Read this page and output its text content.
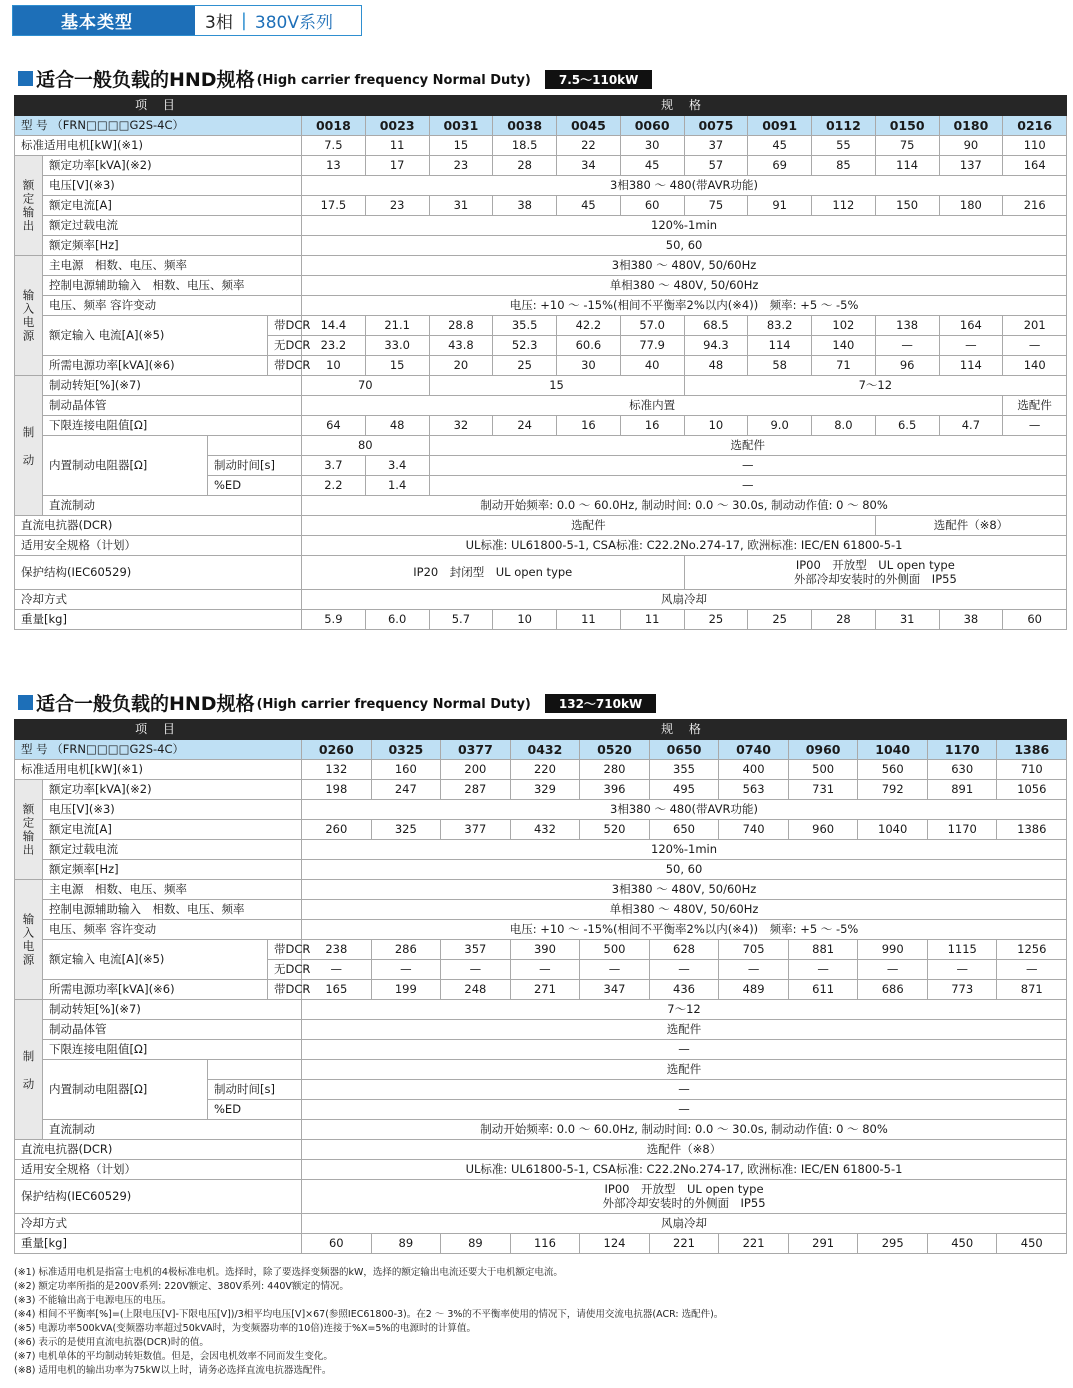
基本类型	3相 | 380V系列
适合一般负载的HND规格 (High carrier frequency Normal Duty)	7.5～110kW
项 目				规 格											
型 号 （FRN□□□□G2S-4C）				0018	0023	0031	0038	0045	0060	0075	0091	0112	0150	0180	0216
标准适用电机[kW](※1)				7.5	11	15	18.5	22	30	37	45	55	75	90	110
额定输出	额定功率[kVA](※2)			13	17	23	28	34	45	57	69	85	114	137	164
	电压[V](※3)			3相380 ～ 480(带AVR功能)											
	额定电流[A]			17.5	23	31	38	45	60	75	91	112	150	180	216
	额定过载电流			120%-1min											
	额定频率[Hz]			50, 60											
输入电源	主电源　相数、电压、频率			3相380 ～ 480V, 50/60Hz											
	控制电源辅助输入　相数、电压、频率			单相380 ～ 480V, 50/60Hz											
	电压、频率 容许变动			电压: +10 ～ -15%(相间不平衡率2%以内(※4))　频率: +5 ～ -5%											
	额定输入 电流[A](※5)		带DCR	14.4	21.1	28.8	35.5	42.2	57.0	68.5	83.2	102	138	164	201
			无DCR	23.2	33.0	43.8	52.3	60.6	77.9	94.3	114	140	—	—	—
	所需电源功率[kVA](※6)		带DCR	10	15	20	25	30	40	48	58	71	96	114	140

制
动	制动转矩[%](※7)			70		15				7～12					
	制动晶体管			标准内置											选配件
	下限连接电阻值[Ω]			64	48	32	24	16	16	10	9.0	8.0	6.5	4.7	—
	内置制动电阻器[Ω]			80		选配件									
		制动时间[s]		3.7	3.4	—									
		%ED		2.2	1.4	—									
	直流制动			制动开始频率: 0.0 ～ 60.0Hz, 制动时间: 0.0 ～ 30.0s, 制动动作值: 0 ～ 80%											
直流电抗器(DCR)				选配件									选配件（※8）		
适用安全规格（计划）				UL标准: UL61800-5-1, CSA标准: C22.2No.274-17, 欧洲标准: IEC/EN 61800-5-1											
保护结构(IEC60529)				IP20　封闭型　UL open type						IP00　开放型　UL open type
外部冷却安装时的外侧面　IP55					

冷却方式				风扇冷却											
重量[kg]				5.9	6.0	5.7	10	11	11	25	25	28	31	38	60
适合一般负载的HND规格 (High carrier frequency Normal Duty)	132～710kW
项 目				规 格										
型 号 （FRN□□□□G2S-4C）				0260	0325	0377	0432	0520	0650	0740	0960	1040	1170	1386
标准适用电机[kW](※1)				132	160	200	220	280	355	400	500	560	630	710
额定输出	额定功率[kVA](※2)			198	247	287	329	396	495	563	731	792	891	1056
	电压[V](※3)			3相380 ～ 480(带AVR功能)										
	额定电流[A]			260	325	377	432	520	650	740	960	1040	1170	1386
	额定过载电流			120%-1min										
	额定频率[Hz]			50, 60										
输入电源	主电源　相数、电压、频率			3相380 ～ 480V, 50/60Hz										
	控制电源辅助输入　相数、电压、频率			单相380 ～ 480V, 50/60Hz										
	电压、频率 容许变动			电压: +10 ～ -15%(相间不平衡率2%以内(※4))　频率: +5 ～ -5%										
	额定输入 电流[A](※5)		带DCR	238	286	357	390	500	628	705	881	990	1115	1256
			无DCR	—	—	—	—	—	—	—	—	—	—	—
	所需电源功率[kVA](※6)		带DCR	165	199	248	271	347	436	489	611	686	773	871

制
动	制动转矩[%](※7)			7～12										
	制动晶体管			选配件										
	下限连接电阻值[Ω]			—										
	内置制动电阻器[Ω]			选配件										
		制动时间[s]		—										
		%ED		—										
	直流制动			制动开始频率: 0.0 ～ 60.0Hz, 制动时间: 0.0 ～ 30.0s, 制动动作值: 0 ～ 80%										
直流电抗器(DCR)				选配件（※8）										
适用安全规格（计划）				UL标准: UL61800-5-1, CSA标准: C22.2No.274-17, 欧洲标准: IEC/EN 61800-5-1										
保护结构(IEC60529)				IP00　开放型　UL open type
外部冷却安装时的外侧面　IP55										

冷却方式				风扇冷却										
重量[kg]				60	89	89	116	124	221	221	291	295	450	450
(※1) 标准适用电机是指富士电机的4极标准电机。选择时，除了要选择变频器的kW，选择的额定输出电流还要大于电机额定电流。
(※2) 额定功率所指的是200V系列: 220V额定、380V系列: 440V额定的情况。
(※3) 不能输出高于电源电压的电压。
(※4) 相间不平衡率[%]=(上限电压[V]-下限电压[V])/3相平均电压[V]×67(参照IEC61800-3)。在2 ～ 3%的不平衡率使用的情况下，请使用交流电抗器(ACR: 选配件)。
(※5) 电源功率500kVA(变频器功率超过50kVA时，为变频器功率的10倍)连接于%X=5%的电源时的计算值。
(※6) 表示的是使用直流电抗器(DCR)时的值。
(※7) 电机单体的平均制动转矩数值。但是，会因电机效率不同而发生变化。
(※8) 适用电机的输出功率为75kW以上时，请务必选择直流电抗器选配件。
